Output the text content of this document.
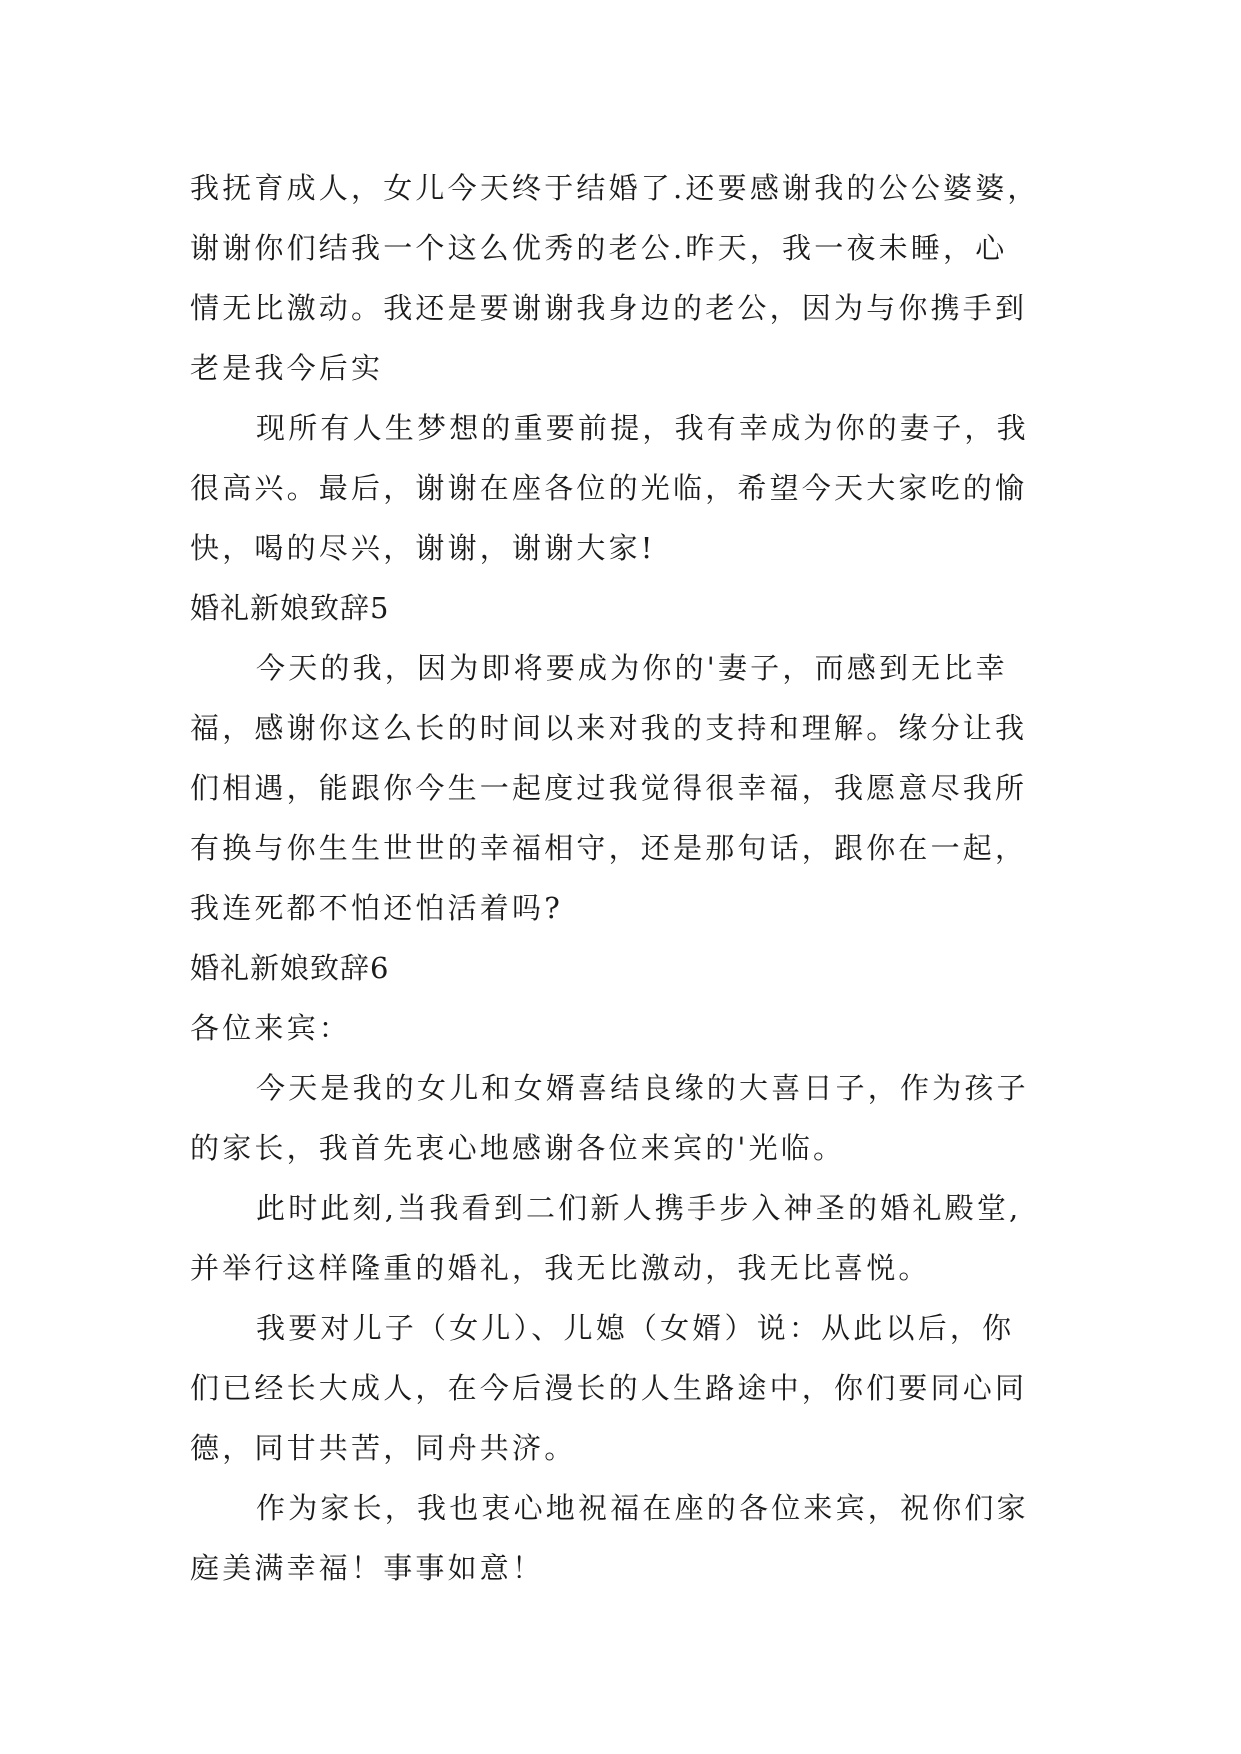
我抚育成人，女儿今天终于结婚了.还要感谢我的公公婆婆，
谢谢你们结我一个这么优秀的老公.昨天，我一夜未睡，心
情无比激动。我还是要谢谢我身边的老公，因为与你携手到
老是我今后实
现所有人生梦想的重要前提，我有幸成为你的妻子，我
很高兴。最后，谢谢在座各位的光临，希望今天大家吃的愉
快，喝的尽兴，谢谢，谢谢大家!
婚礼新娘致辞5
今天的我，因为即将要成为你的'妻子，而感到无比幸
福，感谢你这么长的时间以来对我的支持和理解。缘分让我
们相遇，能跟你今生一起度过我觉得很幸福，我愿意尽我所
有换与你生生世世的幸福相守，还是那句话，跟你在一起，
我连死都不怕还怕活着吗?
婚礼新娘致辞6
各位来宾：
今天是我的女儿和女婿喜结良缘的大喜日子，作为孩子
的家长，我首先衷心地感谢各位来宾的'光临。
此时此刻,当我看到二们新人携手步入神圣的婚礼殿堂,
并举行这样隆重的婚礼，我无比激动，我无比喜悦。
我要对儿子（女儿）、儿媳（女婿）说：从此以后，你
们已经长大成人，在今后漫长的人生路途中，你们要同心同
德，同甘共苦，同舟共济。
作为家长，我也衷心地祝福在座的各位来宾，祝你们家
庭美满幸福！事事如意！
